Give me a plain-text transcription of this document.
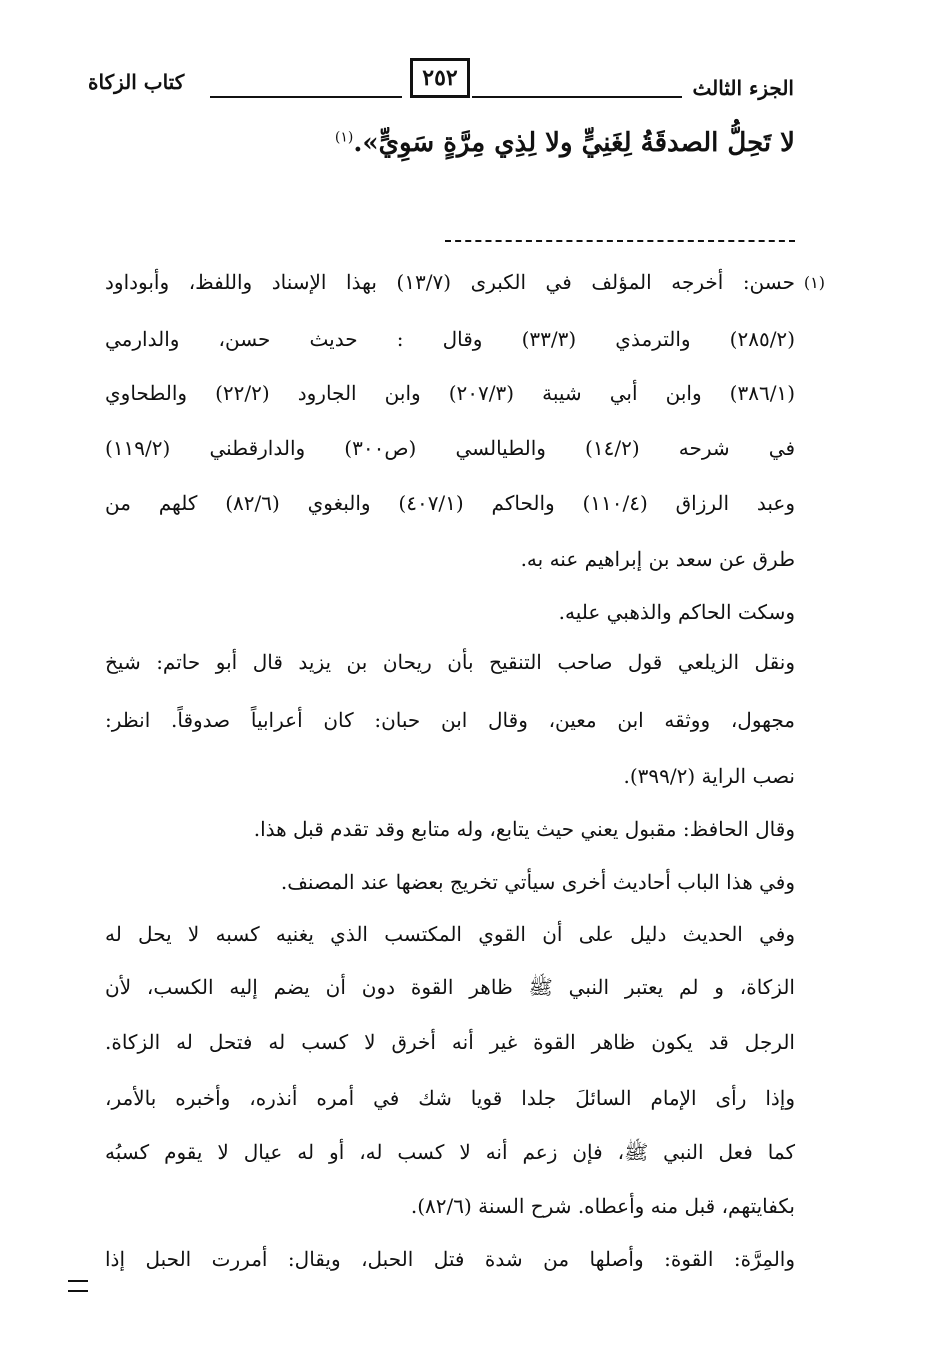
الجزء الثالث
٢٥٢
كتاب الزكاة
لا تَحِلُّ الصدقَةُ لِغَنِيٍّ ولا لِذِي مِرَّةٍ سَوِيٍّ».$^{(١)}$
(١)
حسن: أخرجه المؤلف في الكبرى (١٣/٧) بهذا الإسناد واللفظ، وأبوداود
(٢٨٥/٢) والترمذي (٣٣/٣) وقال : حديث حسن، والدارمي
(٣٨٦/١) وابن أبي شيبة (٢٠٧/٣) وابن الجارود (٢٢/٢) والطحاوي
في شرحه (١٤/٢) والطيالسي (ص٣٠٠) والدارقطني (١١٩/٢)
وعبد الرزاق (١١٠/٤) والحاكم (٤٠٧/١) والبغوي (٨٢/٦) كلهم من
طرق عن سعد بن إبراهيم عنه به.
وسكت الحاكم والذهبي عليه.
ونقل الزيلعي قول صاحب التنقيح بأن ريحان بن يزيد قال أبو حاتم: شيخ
مجهول، ووثقه ابن معين، وقال ابن حبان: كان أعرابياً صدوقاً. انظر:
نصب الراية (٣٩٩/٢).
وقال الحافظ: مقبول يعني حيث يتابع، وله متابع وقد تقدم قبل هذا.
وفي هذا الباب أحاديث أخرى سيأتي تخريج بعضها عند المصنف.
وفي الحديث دليل على أن القوي المكتسب الذي يغنيه كسبه لا يحل له
الزكاة، و لم يعتبر النبي ﷺ ظاهر القوة دون أن يضم إليه الكسب، لأن
الرجل قد يكون ظاهر القوة غير أنه أخرق لا كسب له فتحل له الزكاة.
وإذا رأى الإمام السائلَ جلدا قويا شك في أمره أنذره، وأخبره بالأمر،
كما فعل النبي ﷺ، فإن زعم أنه لا كسب له، أو له عيال لا يقوم كسبُه
بكفايتهم، قبل منه وأعطاه. شرح السنة (٨٢/٦).
والمِرَّة: القوة: وأصلها من شدة فتل الحبل، ويقال: أمررت الحبل إذا
